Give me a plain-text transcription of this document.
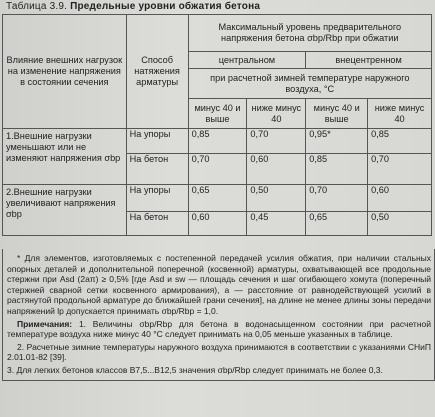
Таблица 3.9. Предельные уровни обжатия бетона
Влияние внешних нагрузок на изменение напряжения в состоянии сечения	Способ натяжения арматуры	Максимальный уровень предварительного напряжения бетона σbp/Rbp при обжатии			
		центральном		внецентренном	
		при расчетной зимней температуре наружного воздуха, °С			
		минус 40 и выше	ниже минус 40	минус 40 и выше	ниже минус 40
1.Внешние нагрузки уменьшают или не изменяют напряжения σbp	На упоры	0,85	0,70	0,95*	0,85
	На бетон	0,70	0,60	0,85	0,70
2.Внешние нагрузки увеличивают напряжения σbp	На упоры	0,65	0,50	0,70	0,60
	На бетон	0,60	0,45	0,65	0,50

* Для элементов, изготовляемых с постепенной передачей усилия обжатия, при наличии стальных опорных деталей и дополнительной поперечной (косвенной) арматуры, охватывающей все продольные стержни при Asd (2aπ) ≥ 0,5% [где Asd и sw — площадь сечения и шаг огибающего хомута (поперечный стержней сварной сетки косвенного армирования), a — расстояние от равнодействующей усилий в растянутой продольной арматуре до ближайшей грани сечения], на длине не менее длины зоны передачи напряжений lp допускается принимать σbp/Rbp = 1,0.

Примечания: 1. Величины σbp/Rbp для бетона в водонасыщенном состоянии при расчетной температуре воздуха ниже минус 40 °С следует принимать на 0,05 меньше указанных в таблице.

2. Расчетные зимние температуры наружного воздуха принимаются в соответствии с указаниями СНиП 2.01.01-82 [39].

3. Для легких бетонов классов В7,5...В12,5 значения σbp/Rbp следует принимать не более 0,3.
